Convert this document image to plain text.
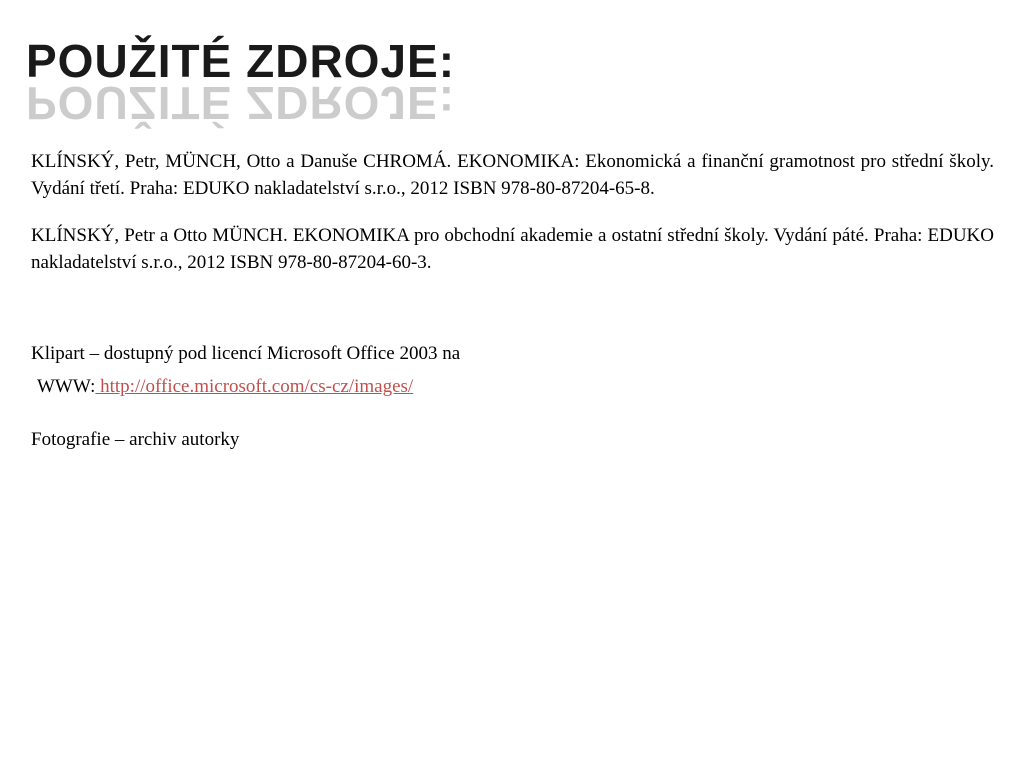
POUŽITÉ ZDROJE:
POUŽITÉ ZDROJE:

KLÍNSKÝ, Petr, MÜNCH, Otto a Danuše CHROMÁ. EKONOMIKA: Ekonomická a finanční gramotnost pro střední školy. Vydání třetí. Praha: EDUKO nakladatelství s.r.o., 2012 ISBN 978-80-87204-65-8.

KLÍNSKÝ, Petr a Otto MÜNCH. EKONOMIKA pro obchodní akademie a ostatní střední školy. Vydání páté. Praha: EDUKO nakladatelství s.r.o., 2012 ISBN 978-80-87204-60-3.

Klipart – dostupný pod licencí Microsoft Office 2003 na

WWW: http://office.microsoft.com/cs-cz/images/

Fotografie – archiv autorky
